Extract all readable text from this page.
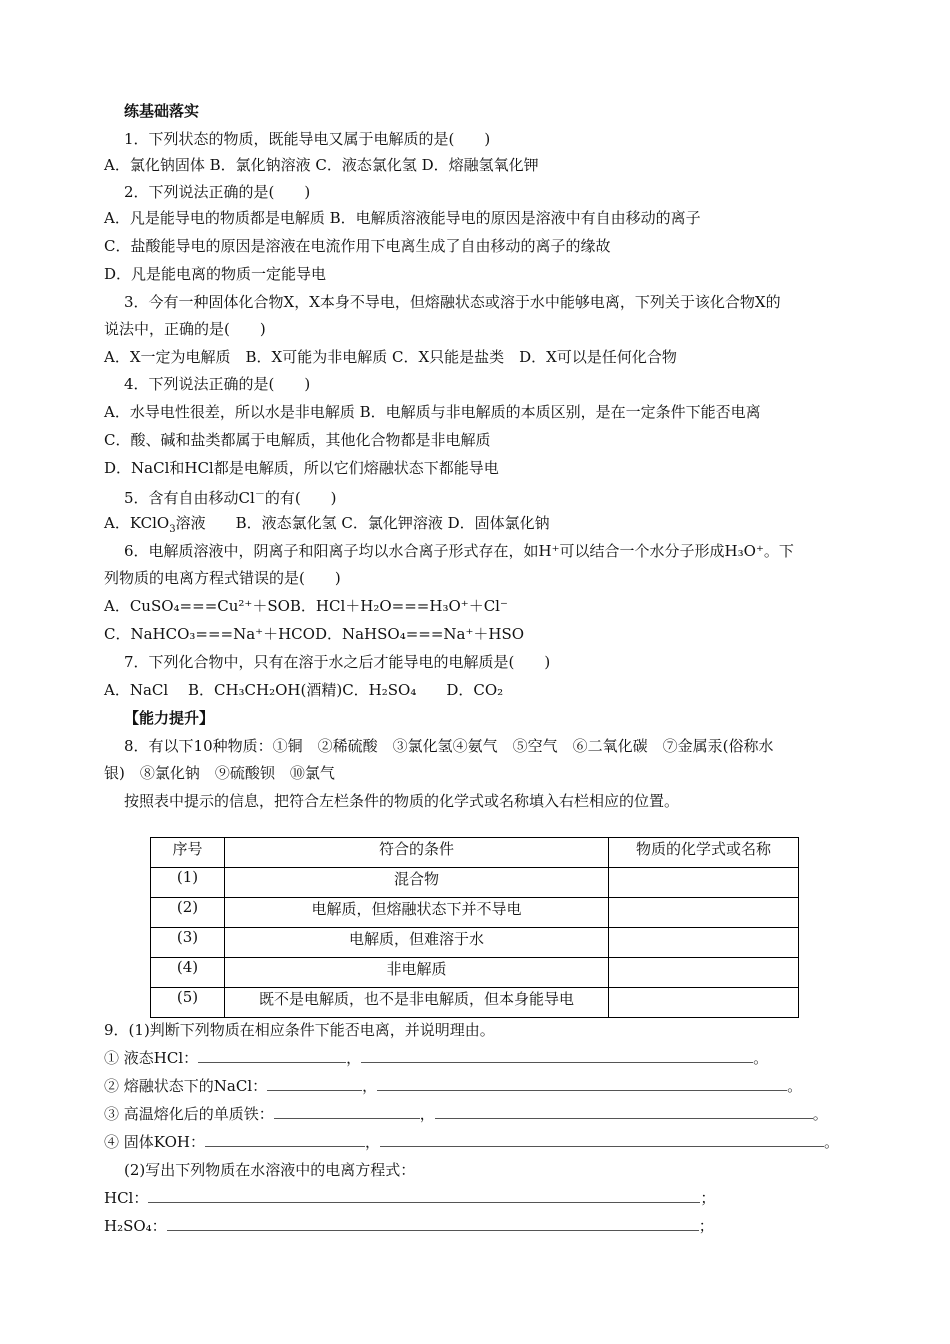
练基础落实
1．下列状态的物质，既能导电又属于电解质的是(　　)
A．氯化钠固体 B．氯化钠溶液 C．液态氯化氢 D．熔融氢氧化钾
2．下列说法正确的是(　　)
A．凡是能导电的物质都是电解质 B．电解质溶液能导电的原因是溶液中有自由移动的离子
C．盐酸能导电的原因是溶液在电流作用下电离生成了自由移动的离子的缘故
D．凡是能电离的物质一定能导电
3．今有一种固体化合物X，X本身不导电，但熔融状态或溶于水中能够电离，下列关于该化合物X的
说法中，正确的是(　　)
A．X一定为电解质　B．X可能为非电解质 C．X只能是盐类　D．X可以是任何化合物
4．下列说法正确的是(　　)
A．水导电性很差，所以水是非电解质 B．电解质与非电解质的本质区别，是在一定条件下能否电离
C．酸、碱和盐类都属于电解质，其他化合物都是非电解质
D．NaCl和HCl都是电解质，所以它们熔融状态下都能导电
5．含有自由移动Cl－的有(　　)
A．KClO$_3$溶液　　B．液态氯化氢 C．氯化钾溶液 D．固体氯化钠
6．电解质溶液中，阴离子和阳离子均以水合离子形式存在，如H⁺可以结合一个水分子形成H₃O⁺。下
列物质的电离方程式错误的是(　　)
A．CuSO₄===Cu²⁺＋SOB．HCl＋H₂O===H₃O⁺＋Cl⁻
C．NaHCO₃===Na⁺＋HCOD．NaHSO₄===Na⁺＋HSO
7．下列化合物中，只有在溶于水之后才能导电的电解质是(　　)
A．NaCl　 B．CH₃CH₂OH(酒精)C．H₂SO₄　　D．CO₂
【能力提升】
8．有以下10种物质：①铜　②稀硫酸　③氯化氢④氨气　⑤空气　⑥二氧化碳　⑦金属汞(俗称水
银)　⑧氯化钠　⑨硫酸钡　⑩氯气
按照表中提示的信息，把符合左栏条件的物质的化学式或名称填入右栏相应的位置。
序号	符合的条件	物质的化学式或名称
(1)	混合物	
(2)	电解质，但熔融状态下并不导电	
(3)	电解质，但难溶于水	
(4)	非电解质	
(5)	既不是电解质，也不是非电解质，但本身能导电	
9．(1)判断下列物质在相应条件下能否电离，并说明理由。
① 液态HCl：	，	。
② 熔融状态下的NaCl：	，	。
③ 高温熔化后的单质铁：	，	。
④ 固体KOH：	，	。
(2)写出下列物质在水溶液中的电离方程式：
HCl：	；
H₂SO₄：	；
